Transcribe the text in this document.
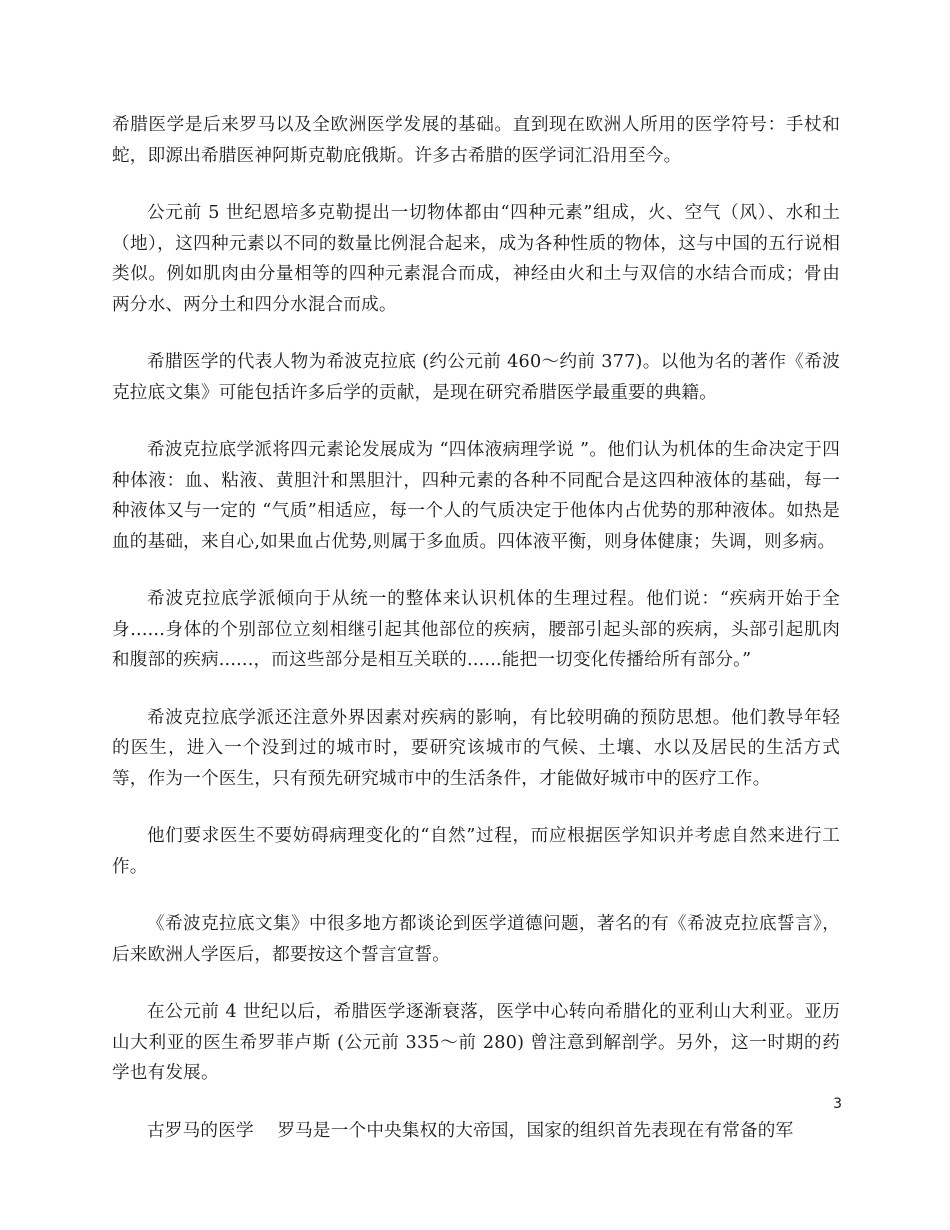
希腊医学是后来罗马以及全欧洲医学发展的基础。直到现在欧洲人所用的医学符号：手杖和蛇，即源出希腊医神阿斯克勒庇俄斯。许多古希腊的医学词汇沿用至今。

公元前 5 世纪恩培多克勒提出一切物体都由“四种元素”组成，火、空气（风）、水和土（地），这四种元素以不同的数量比例混合起来，成为各种性质的物体，这与中国的五行说相类似。例如肌肉由分量相等的四种元素混合而成，神经由火和土与双信的水结合而成；骨由两分水、两分土和四分水混合而成。

希腊医学的代表人物为希波克拉底 (约公元前 460～约前 377)。以他为名的著作《希波克拉底文集》可能包括许多后学的贡献，是现在研究希腊医学最重要的典籍。

希波克拉底学派将四元素论发展成为 “四体液病理学说 ”。他们认为机体的生命决定于四种体液：血、粘液、黄胆汁和黑胆汁，四种元素的各种不同配合是这四种液体的基础，每一种液体又与一定的 “气质”相适应，每一个人的气质决定于他体内占优势的那种液体。如热是血的基础，来自心,如果血占优势,则属于多血质。四体液平衡，则身体健康；失调，则多病。

希波克拉底学派倾向于从统一的整体来认识机体的生理过程。他们说：“疾病开始于全身......身体的个别部位立刻相继引起其他部位的疾病，腰部引起头部的疾病，头部引起肌肉和腹部的疾病......，而这些部分是相互关联的......能把一切变化传播给所有部分。”

希波克拉底学派还注意外界因素对疾病的影响，有比较明确的预防思想。他们教导年轻的医生，进入一个没到过的城市时，要研究该城市的气候、土壤、水以及居民的生活方式等，作为一个医生，只有预先研究城市中的生活条件，才能做好城市中的医疗工作。

他们要求医生不要妨碍病理变化的“自然”过程，而应根据医学知识并考虑自然来进行工作。

《希波克拉底文集》中很多地方都谈论到医学道德问题，著名的有《希波克拉底誓言》，后来欧洲人学医后，都要按这个誓言宣誓。

在公元前 4 世纪以后，希腊医学逐渐衰落，医学中心转向希腊化的亚利山大利亚。亚历山大利亚的医生希罗菲卢斯 (公元前 335～前 280) 曾注意到解剖学。另外，这一时期的药学也有发展。

古罗马的医学　 罗马是一个中央集权的大帝国，国家的组织首先表现在有常备的军

3
